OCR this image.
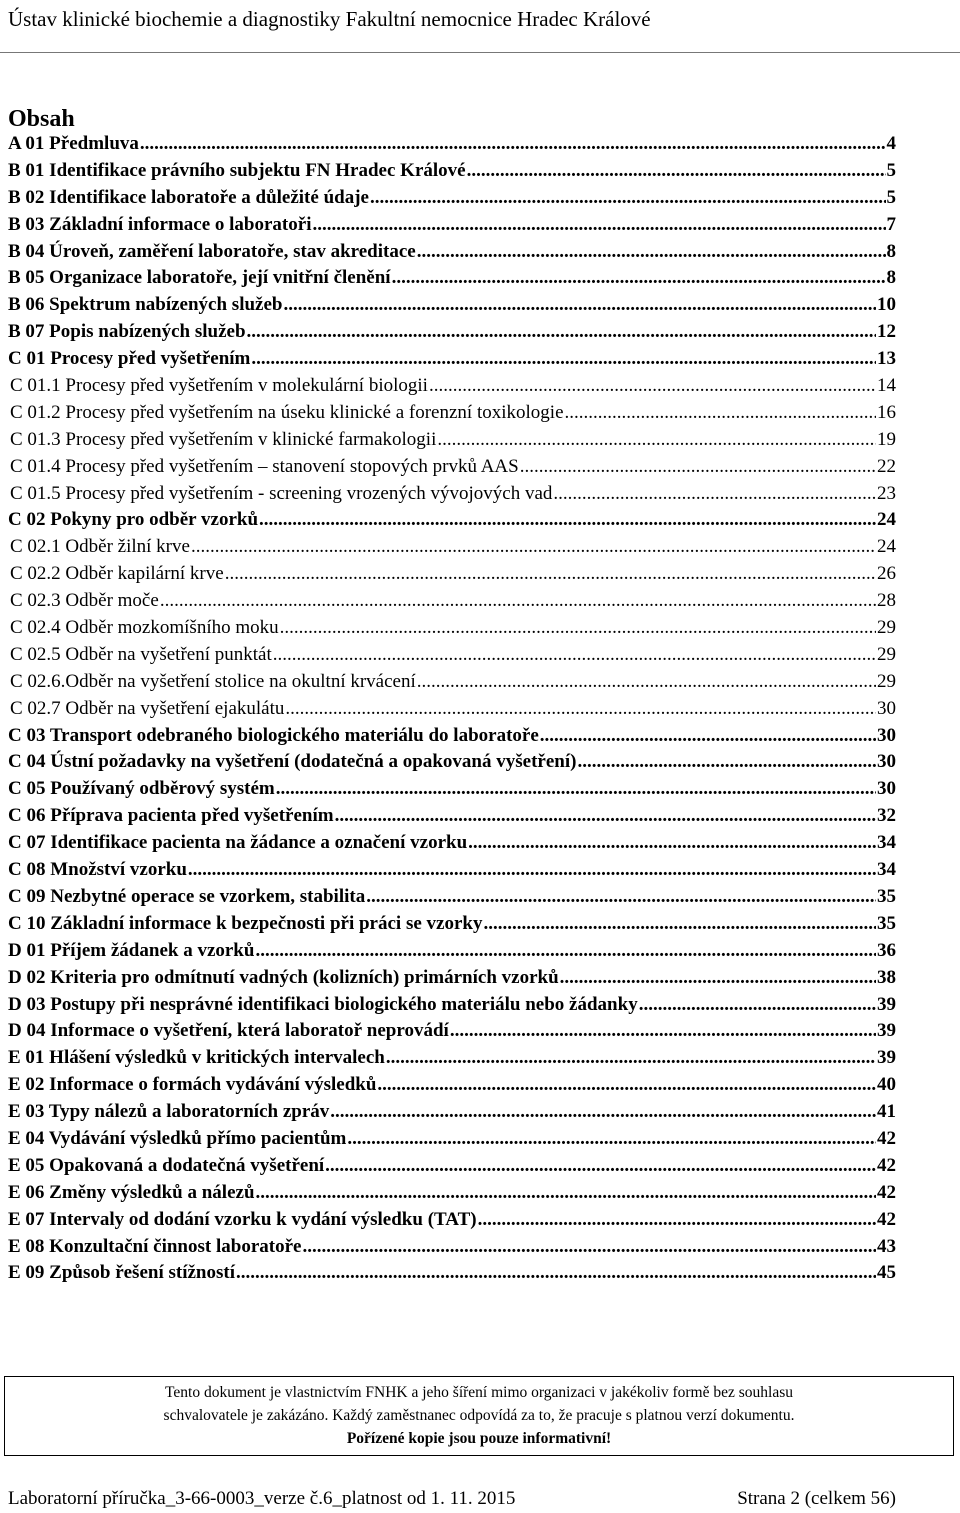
Ústav klinické biochemie a diagnostiky Fakultní nemocnice Hradec Králové
Obsah
A 01 Předmluva .....	4
B 01 Identifikace právního subjektu FN Hradec Králové .....	5
B 02 Identifikace laboratoře a důležité údaje .....	5
B 03 Základní informace o laboratoři .....	7
B 04 Úroveň, zaměření laboratoře, stav akreditace .....	8
B 05 Organizace laboratoře, její vnitřní členění .....	8
B 06 Spektrum nabízených služeb .....	10
B 07 Popis nabízených služeb .....	12
C 01 Procesy před vyšetřením .....	13
C 01.1 Procesy před vyšetřením v molekulární biologii .....	14
C 01.2 Procesy před vyšetřením na úseku klinické a forenzní toxikologie .....	16
C 01.3 Procesy před vyšetřením v klinické farmakologii .....	19
C 01.4 Procesy před vyšetřením – stanovení stopových prvků AAS .....	22
C 01.5 Procesy před vyšetřením - screening vrozených vývojových vad .....	23
C 02 Pokyny pro odběr vzorků .....	24
C 02.1 Odběr žilní krve .....	24
C 02.2 Odběr kapilární krve .....	26
C 02.3 Odběr moče .....	28
C 02.4 Odběr mozkomíšního moku .....	29
C 02.5 Odběr na vyšetření punktát .....	29
C 02.6.Odběr na vyšetření stolice na okultní krvácení .....	29
C 02.7 Odběr na vyšetření ejakulátu .....	30
C 03 Transport odebraného biologického materiálu do laboratoře .....	30
C 04 Ústní požadavky na vyšetření (dodatečná a opakovaná vyšetření) .....	30
C 05 Používaný odběrový systém .....	30
C 06 Příprava pacienta před vyšetřením .....	32
C 07 Identifikace pacienta na žádance a označení vzorku .....	34
C 08 Množství vzorku .....	34
C 09 Nezbytné operace se vzorkem, stabilita .....	35
C 10 Základní informace k bezpečnosti při práci se vzorky .....	35
D 01 Příjem žádanek a vzorků .....	36
D 02 Kriteria pro odmítnutí vadných (kolizních) primárních vzorků .....	38
D 03 Postupy při nesprávné identifikaci biologického materiálu nebo žádanky .....	39
D 04 Informace o vyšetření, která laboratoř neprovádí .....	39
E 01 Hlášení výsledků v kritických intervalech .....	39
E 02 Informace o formách vydávání výsledků .....	40
E 03 Typy nálezů a laboratorních zpráv .....	41
E 04 Vydávání výsledků přímo pacientům .....	42
E 05 Opakovaná a dodatečná vyšetření .....	42
E 06 Změny výsledků a nálezů .....	42
E 07 Intervaly od dodání vzorku k vydání výsledku (TAT) .....	42
E 08 Konzultační činnost laboratoře .....	43
E 09 Způsob řešení stížností .....	45
Tento dokument je vlastnictvím FNHK a jeho šíření mimo organizaci v jakékoliv formě bez souhlasu
schvalovatele je zakázáno. Každý zaměstnanec odpovídá za to, že pracuje s platnou verzí dokumentu.
Pořízené kopie jsou pouze informativní!
Laboratorní příručka_3-66-0003_verze č.6_platnost od 1. 11. 2015	Strana 2 (celkem 56)
